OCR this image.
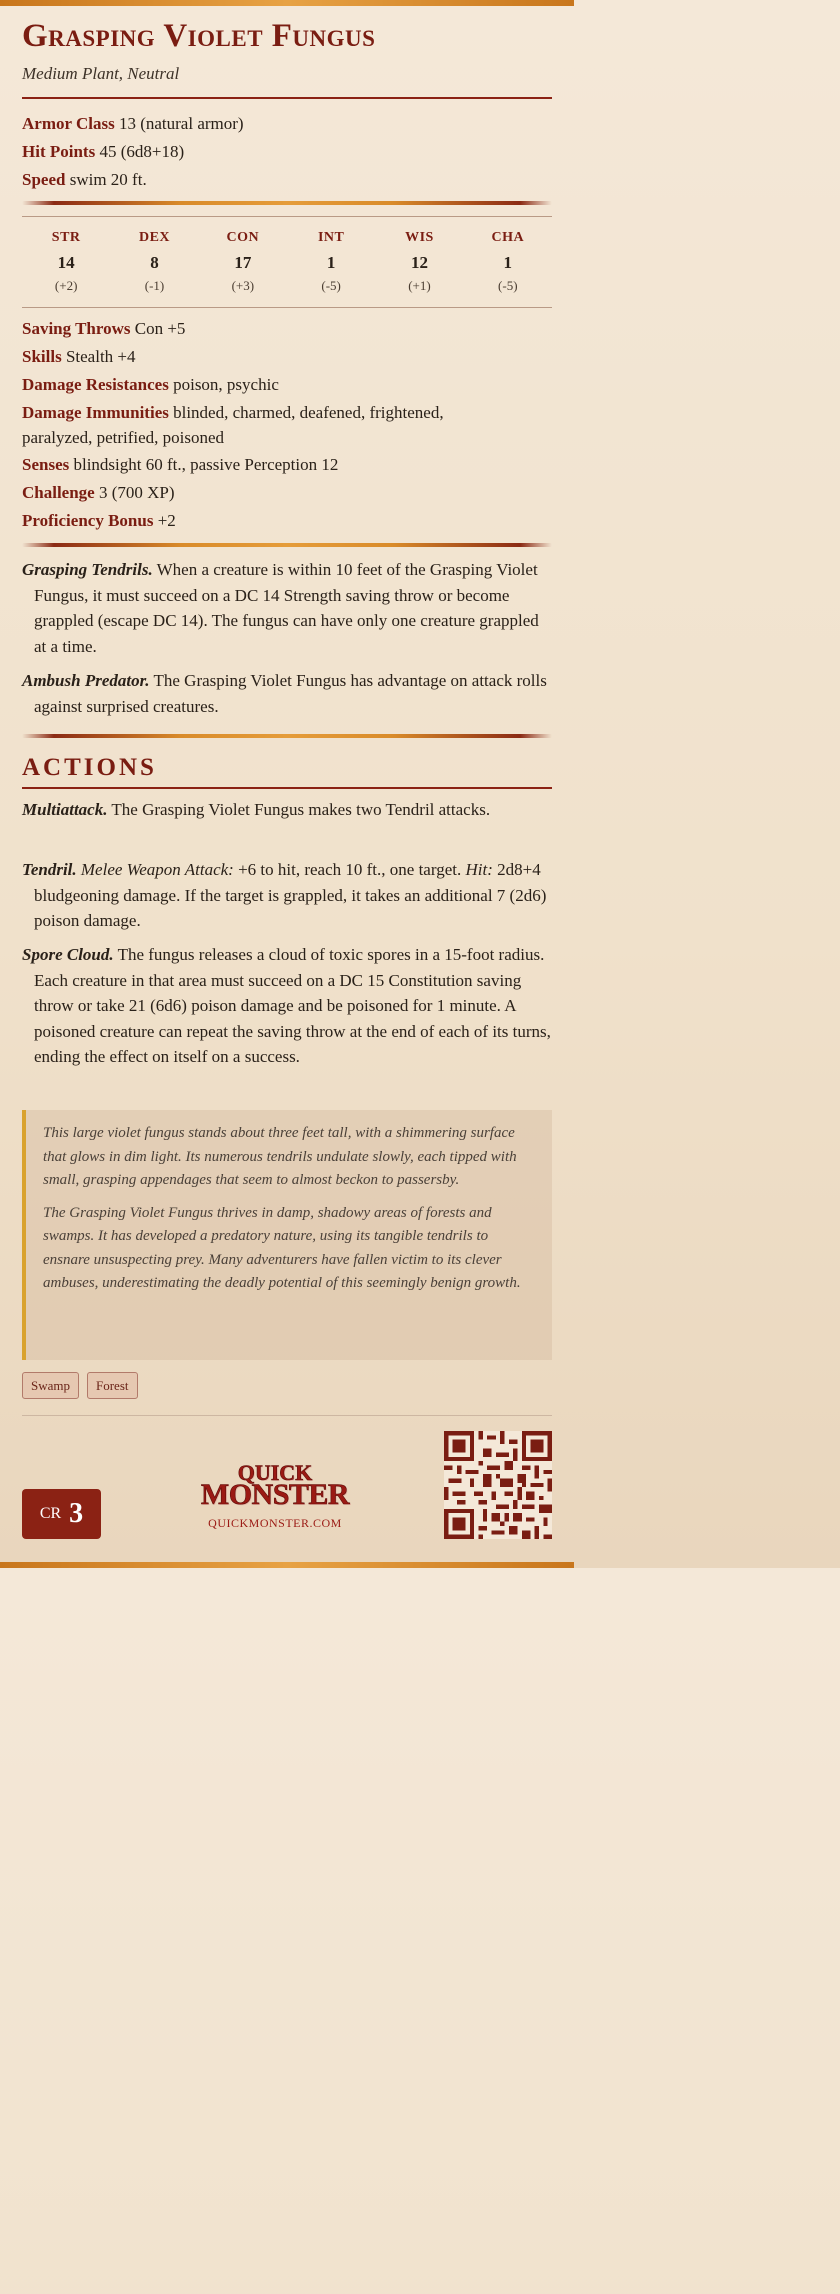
Grasping Violet Fungus
Medium Plant, Neutral
Armor Class 13 (natural armor)
Hit Points 45 (6d8+18)
Speed swim 20 ft.
STR
14
(+2)
DEX
8
(-1)
CON
17
(+3)
INT
1
(-5)
WIS
12
(+1)
CHA
1
(-5)
Saving Throws Con +5
Skills Stealth +4
Damage Resistances poison, psychic
Damage Immunities blinded, charmed, deafened, frightened,
paralyzed, petrified, poisoned
Senses blindsight 60 ft., passive Perception 12
Challenge 3 (700 XP)
Proficiency Bonus +2
Grasping Tendrils. When a creature is within 10 feet of the Grasping Violet Fungus, it must succeed on a DC 14 Strength saving throw or become grappled (escape DC 14). The fungus can have only one creature grappled at a time.
Ambush Predator. The Grasping Violet Fungus has advantage on attack rolls against surprised creatures.
ACTIONS
Multiattack. The Grasping Violet Fungus makes two Tendril attacks.
Tendril. Melee Weapon Attack: +6 to hit, reach 10 ft., one target. Hit: 2d8+4 bludgeoning damage. If the target is grappled, it takes an additional 7 (2d6) poison damage.
Spore Cloud. The fungus releases a cloud of toxic spores in a 15-foot radius. Each creature in that area must succeed on a DC 15 Constitution saving throw or take 21 (6d6) poison damage and be poisoned for 1 minute. A poisoned creature can repeat the saving throw at the end of each of its turns, ending the effect on itself on a success.

This large violet fungus stands about three feet tall, with a shimmering surface that glows in dim light. Its numerous tendrils undulate slowly, each tipped with small, grasping appendages that seem to almost beckon to passersby.

The Grasping Violet Fungus thrives in damp, shadowy areas of forests and swamps. It has developed a predatory nature, using its tangible tendrils to ensnare unsuspecting prey. Many adventurers have fallen victim to its clever ambuses, underestimating the deadly potential of this seemingly benign growth.

Swamp	Forest
CR 3
QUICK
MONSTER
QUICKMONSTER.COM
